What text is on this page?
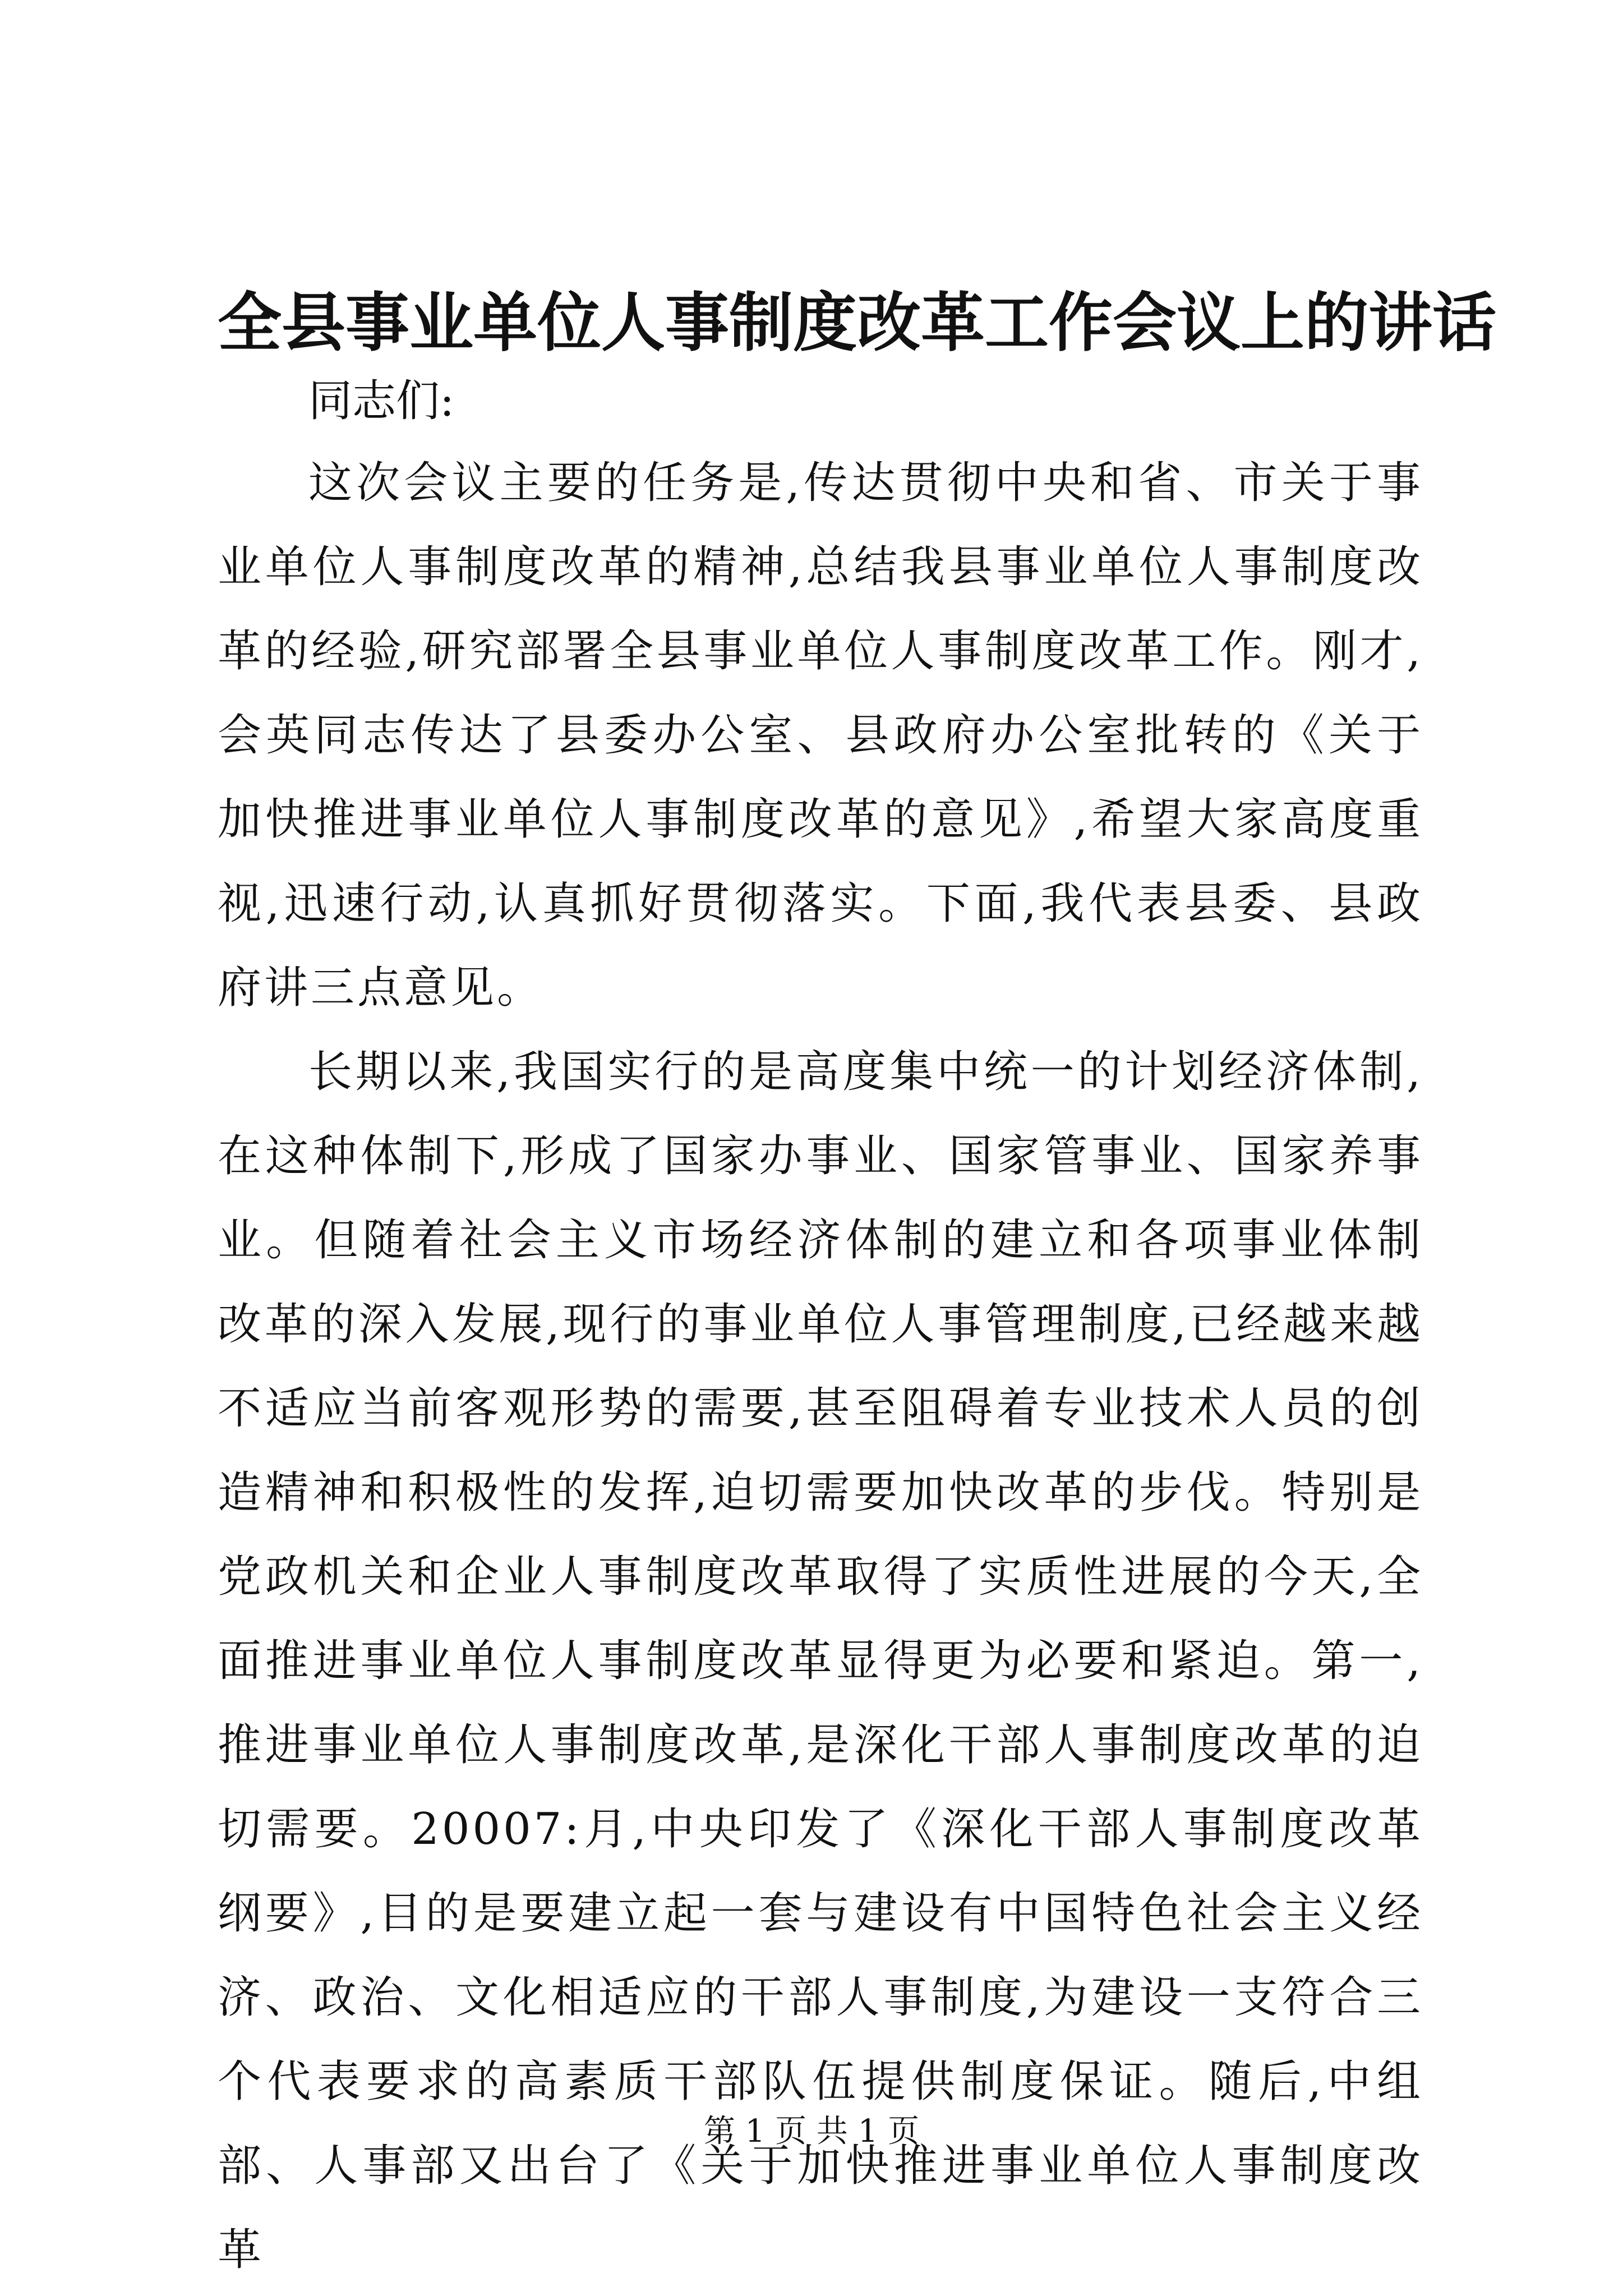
全县事业单位人事制度改革工作会议上的讲话

同志们:

这次会议主要的任务是,传达贯彻中央和省、市关于事业单位人事制度改革的精神,总结我县事业单位人事制度改革的经验,研究部署全县事业单位人事制度改革工作。刚才,会英同志传达了县委办公室、县政府办公室批转的《关于加快推进事业单位人事制度改革的意见》,希望大家高度重视,迅速行动,认真抓好贯彻落实。下面,我代表县委、县政府讲三点意见。

长期以来,我国实行的是高度集中统一的计划经济体制,在这种体制下,形成了国家办事业、国家管事业、国家养事业。但随着社会主义市场经济体制的建立和各项事业体制改革的深入发展,现行的事业单位人事管理制度,已经越来越不适应当前客观形势的需要,甚至阻碍着专业技术人员的创造精神和积极性的发挥,迫切需要加快改革的步伐。特别是党政机关和企业人事制度改革取得了实质性进展的今天,全面推进事业单位人事制度改革显得更为必要和紧迫。第一,推进事业单位人事制度改革,是深化干部人事制度改革的迫切需要。20007:月,中央印发了《深化干部人事制度改革纲要》,目的是要建立起一套与建设有中国特色社会主义经济、政治、文化相适应的干部人事制度,为建设一支符合三个代表要求的高素质干部队伍提供制度保证。随后,中组部、人事部又出台了《关于加快推进事业单位人事制度改革

第 1 页 共 1 页
